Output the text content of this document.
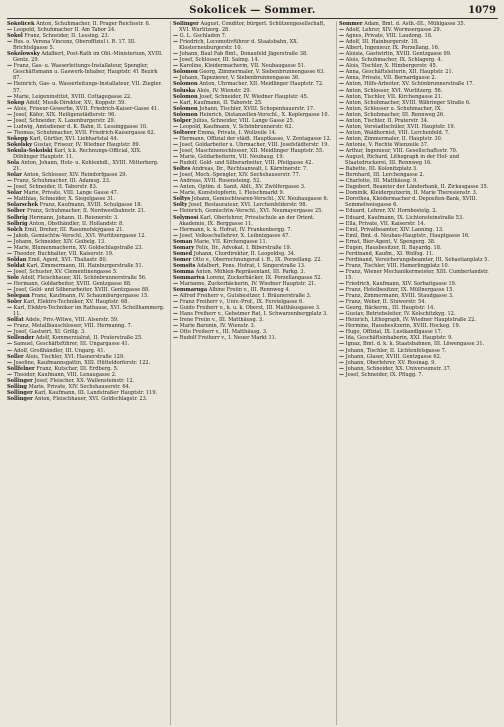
Sokolicek — Sommer.	1079

Sokolicek Anton, Schuhmacher, II. Prager Reichsstr. 6.

— Leopold, Schuhmacher II. Am Tabor 24.

Sokol Franz, Schneider, II. Lessing. 23.

— Ros. o. Verena Vincenz, Oberoffiziel i. R. 17. III. Brichtelgasse 5.

Sokolowsky Adalbert, Post-Rath im Obl.-Ministerium, XVIII. Gentz. 29.

— Franz, Gas- u. Wasserleitungs-Installateur, Spengler, Geschäftsmann u. Gaswerk-Inhaber, Hauptstr. 41 Bezirk 87.

— Heinrich, Gas- u. Wasserleitungs-Installateur, VII. Ziegler. 57.

— Marie, Leigeninstitut, XVIII. Cottagegasse 22.

Sokop Adolf, Musik-Direktor, XV., Koppstr. 59.

— Alois, Friseur-Gewerbe, XVII. Friedrich-Kaiser-Gasse 41.

— Josef, Käfer, XIX. Heiligenstädterstr. 96.

— Josef, Schneider, X. Laxenburgerstr. 29.

— Ludwig, Amtsdiener d. K. Bahn, II. Lessinggasse 10.

— Thomas, Schuhmacher, XVII. Friedrich-Kaisergasse 62.

Sokopp Karl, Gürtler, XVI. Liebhartstal 44.

Sokolsky Gustav, Friseur, IV. Wiedner Hauptstr. 89.

Sokula-Sokolski Karl, k.k. Rechnungs-Official, XIX. Döblinger Hauptstr. 11.

Sola Anton, Johann, Holz- u. Kohlenhdl., XVIII. Mitterberg. 21.

Solar Anton, Schlosser, XIV. Reindorfgasse 29.

— Franz, Schuhmacher, III. Adamsg. 23.

— Josef, Schneider, II. Taborstr. 83.

Solar Marie, Private, VIII. Lange Gasse 47.

— Matthias, Schneider, X. Siegelgasse 31.

Solarschek Franz, Kaufmann, XVIII. Schulgasse 18.

Solber Franz, Schuhmacher, II. Nordwestbahnstr. 21.

Solbrig Hermann, Johann, II. Reisnerstr. 3.

Solbrig Anton, Obsthändler, II. Hollandstr. 8.

Solch Emil, Dreher, III. Rasumofskygasse 21.

— Jakob, Gemischtw.-Verschl., XVI. Wurlitzergasse 12.

— Johann, Schneider, XIV. Geibelg. 13.

— Marie, Blumenmacherin, XV. Goldschlagstraße 23.

— Theodor, Buchhalter, VII. Kaiserstr. 19.

Soldan Emil, Agent, XVI. Thaliastr. 80.

Soldat Karl, Zimmermann, III. Hainburgerstraße 51.

— Josef, Schuster, XV. Clementinengasse 5.

Sole Adolf, Fleischhauer, XII. Schönbrunnerstraße 56.

— Hermann, Goldarbeiter, XVIII. Gentzgasse 88.

— Josef, Gold- und Silberarbeiter, XVIII. Gentzgasse 88.

Solepan Franz, Kaufmann, IV. Schaumburgergasse 15.

Soler Karl, Elektro-Techniker, XV. Hauptstr. 68.

— Karl, Elektro-Techniker im Rathause, XVI. Schellhammerg. 11.

Solfat Adele, Priv.-Witwe, VIII. Alserstr. 59.

— Franz, Metallbauschlosser, VIII. Hermanng. 7.

— Josef, Gastwirt, XI. Grillg. 3.

Sollender Adolf, Kommerzialrat, II. Praterstraße 25.

— Samuel, Geschäftsführer, III. Ungargasse 41.

— Adolf, Großhändler, III. Ungarg. 41.

Soller Alois, Tischler, XVI. Hasnerstraße 129.

— Josefine, Kaufmannsgattin, XIII. Hütteldorferstr. 122.

Sollfelner Franz, Kutscher, III. Erdberg. 5.

— Theodor, Kaufmann, VIII. Lenaugasse 2.

Sollinger Josef, Fleischer, XX. Wallensteinstr. 12.

Solling Marie, Private, XIV. Sechshauserstr. 64.

Sollinger Karl, Kaufmann, III. Landstraßer Hauptstr. 119.

Sollinger Anton, Fleischhauer, XVI. Goldschlagstr. 23.

Sollinger August, Conditor, bürgerl. Schützengesellschaft, XVI. Wurlitzerg. 28.

— G. L. Gschladen 7.

— Friedrich, Locomotivführer d. Staatsbahn, XX. Klosterneuburgerstr. 10.

— Johann, Baul Fab Bmt., Donaufeld Jägerstraße 38.

— Josef, Schlosser, III. Salmg. 14.

— Karoline, Kleidermacherin, VII. Neubaugasse 51.

Solomon Georg, Zimmermaler, V. Siebenbrunnengasse 63.

— Johann, Tapezierer, V. Siebenbrunnengasse 36.

Solomon Anton, Uhrmacher, XII. Meidlinger Hauptstr. 72.

Soluska Alois, IV. Wienstr. 29.

Solomon Josef, Schneider, IV. Wiedner Hauptstr. 45.

— Karl, Kaufmann, II. Taborstr. 25.

Solomon Johann, Tischler, XVIII. Schopenhauerstr. 17.

Solomon Heinrich, Distanzellen-Verschl., X. Keplergasse 10.

Solper Julius, Schneider, VIII. Lange Gasse 25.

— Leopold, Kaufmann, V. Schönbrunnerstr. 62.

Soltorer Emma, Private, I. Wollzeile 14.

— Hermann, Offizial der städt. Hauptkasse, V. Zentagasse 12.

— Josef, Goldarbeiter u. Uhrmacher, VIII. Josefstädterstr. 19.

— Josef, Maschinenschlosser, XII. Meidlinger Hauptstr. 55.

— Marie, Goldarbeiterin, VII. Neubaug. 19.

— Rudolf, Gold- und Silberarbeiter, VIII. Pfeilgasse 42.

Soltes Andreas, Dr., Rechtsanwalt, I. Kärntnerstr. 7.

— Josef, Mech.-Spengler, XIV. Sechshauserstr. 77.

— Andreas, XVII. Rosensteing. 52.

— Anton, Optim. d. Sanit. Ablt., XV. Zwölfergasse 3.

— Marie, Kunststopferin, I. Fleischmarkt 9.

Soltys Johann, Gemischtwaren-Verschl., XV. Neubaugasse 6.

Solty Josef, Restaurateur, XVI. Lerchenfelderstr. 98.

— Heinrich, Gemischtw.-Verschl., XVI. Neumayergasse 25.

Solymosi Karl, Oberlehrer, Privatschule an der Orient. Akademie, IX. Berggasse 11.

— Hermann, k. k. Hofrat, IV. Frankenbergg. 7.

— Josef, Volksschullehrer, X. Leibnizgasse 47.

Soman Marie, VII. Kirchengasse 11.

Somary Felix, Dr., Advokat, I. Biberstraße 19.

Somed Johann, Chordirektor, II. Leopoldsg. 34.

Somer Otto v., Oberrechnungsrat i. R., IX. Porzellang. 22.

Somsits Adalbert, Pens. Hofrat, I. Singerstraße 13.

Somma Anton, Mühlen-Repräsentant, III. Parkg. 3.

Sommariva Lorenz, Zuckerbäcker, IX. Porzellangasse 52.

— Marianne, Zuckerbäckerin, IV. Wiedner Hauptstr. 21.

Sommaruga Albine Freiin v., III. Rennweg 4.

— Alfred Freiherr v., Gutsbesitzer, I. Bräunerstraße 3.

— Franz Freiherr v., Univ.-Prof., IX. Ferstelgasse 6.

— Guido Freiherr v., k. u. k. Oberst, III. Matthäusgasse 3.

— Hans Freiherr v., Geheimer Rat, I. Schwarzenbergplatz 3.

— Irene Freiin v., III. Matthäusg. 3.

— Marie Baronin, IV. Wienstr. 3.

— Otto Freiherr v., III. Matthäusg. 3.

— Rudolf Freiherr v., I. Neuer Markt 11.

Sommer Adam, Bmt. d. Ästh.-III., Mühlgasse 35.

— Adolf, Lehrer, XIV. Wurmsergasse 29.

— Agnes, Private, VIII. Laudong. 18.

— Adolf, III. Hainburgerstr. 18.

— Albert, Ingenieur, IX. Porzellang. 16.

— Aloisia, Gastwirtin, XVIII. Gentzgasse 99.

— Alois, Schuhmacher, IX. Schlagerg. 4.

— Alois, Tischler, X. Himbergerstr. 45.

— Anna, Geschäftsleiterin, XII. Hauptstr. 21.

— Anna, Private, VII. Bernardgasse 2.

— Anton, Hilfs-Arbeiter, XV. Schönbrunnerstraße 17.

— Anton, Schlosser, XVI. Wurlitzerg. 56.

— Anton, Tischler, VII. Kirchengasse 21.

— Anton, Schuhmacher, XVIII. Währinger Straße 6.

— Anton, Schlosser u. Schuhmacher, IX.

— Anton, Schuhmacher, III. Rennweg 26.

— Anton, Tischler, II. Praterstr. 34.

— Anton, Vorstadtschüler, XVII. Hauptstr. 19.

— Anton, Waldhornist, VIII. Lerchenfeld. 7.

— Anton, Zimmermaler, II. Hauptstr. 30.

— Antonie, V. Rechte Wienzeile 37.

— Arthur, Ingenieur, VIII. Gesellschaftsstr. 70.

— August, Richard, Lithograph in der Hof- und Staatsdruckerei, III. Rennweg 16.

— Babette, III. Kolonitzplatz 3.

— Bernhard, III. Lerchengasse 2.

— Charlotte, III. Matthäusg. 9.

— Dagobert, Beamter der Länderbank, II. Zirkusgasse 35.

— Dominik, Kleiderputzerin, II. Marie Theresienstr. 3.

— Dorothea, Kleidermacher d. Depositen-Bank, XVIII. Semmelweisgasse 6.

— Eduard, Lehrer, XV. Hornbostelg. 2.

— Eduard, Kaufmann, IX. Lichtensteinstraße 53.

— Ella, Private, VII. Kaiserstr. 14.

— Emil, Privatbeamter, XIV. Lanning. 13.

— Emil, Bmt. d. Neubau-Hauptstr., Hauptgasse 16.

— Ernst, Bier-Agent, V. Spengerg. 38.

— Eugen, Hausbesitzer, II. Bayardg. 18.

— Ferdinand, Kaufm., XI. Wolfsg. 11.

— Ferdinand, Versicherungsbeamter, III. Sebastianplatz 5.

— Franz, Tischler, VIII. Hamerlingplatz 10.

— Franz, Wiener Mechanikermeister, XIII. Cumberlandstr. 15.

— Friedrich, Kaufmann, XIV. Sorbaitgasse 19.

— Franz, Hotelbesitzer, IX. Müllnergasse 15.

— Franz, Zimmermann, XVIII. Staudgasse 3.

— Franz, Weber, II. Stuwerstr. 54.

— Georg, Bäckerm., III. Hauptstr. 14.

— Gustav, Betriebsleiter, IV. Kolschitzkyg. 12.

— Heinrich, Lithograph, IV. Wiedner Hauptstraße 22.

— Hermine, Hausbesitzerin, XVIII. Hockeg. 19.

— Hugo, Offizial, IX. Lustkandlgasse 17.

— Ida, Geschäftsinhaberin, XXI. Hauptstr. 9.

— Ignaz, Bmt. d. k. k. Staatsbahnen, III. Löwengasse 31.

— Johann, Tischler, II. Lichtenfelsgasse 7.

— Johann, Glaser, XVIII. Gentzgasse 62.

— Johann, Oberlehrer, XV. Rosinag. 9.

— Johann, Schneider, XX. Universumstr. 37.

— Josef, Schneider, IX. Pflugg. 7.
